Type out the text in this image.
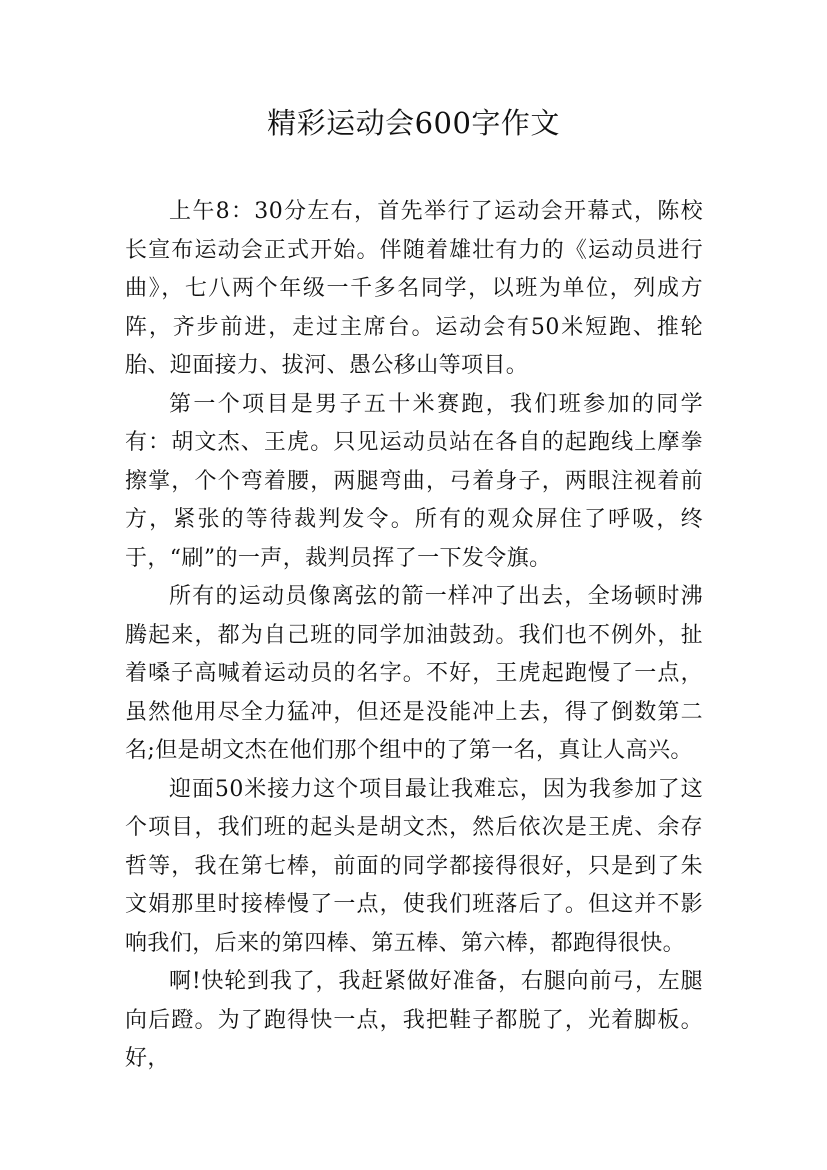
精彩运动会600字作文

上午8：30分左右，首先举行了运动会开幕式，陈校长宣布运动会正式开始。伴随着雄壮有力的《运动员进行曲》，七八两个年级一千多名同学，以班为单位，列成方阵，齐步前进，走过主席台。运动会有50米短跑、推轮胎、迎面接力、拔河、愚公移山等项目。

第一个项目是男子五十米赛跑，我们班参加的同学有：胡文杰、王虎。只见运动员站在各自的起跑线上摩拳擦掌，个个弯着腰，两腿弯曲，弓着身子，两眼注视着前方，紧张的等待裁判发令。所有的观众屏住了呼吸，终于，“刷”的一声，裁判员挥了一下发令旗。

所有的运动员像离弦的箭一样冲了出去，全场顿时沸腾起来，都为自己班的同学加油鼓劲。我们也不例外，扯着嗓子高喊着运动员的名字。不好，王虎起跑慢了一点，虽然他用尽全力猛冲，但还是没能冲上去，得了倒数第二名;但是胡文杰在他们那个组中的了第一名，真让人高兴。

迎面50米接力这个项目最让我难忘，因为我参加了这个项目，我们班的起头是胡文杰，然后依次是王虎、余存哲等，我在第七棒，前面的同学都接得很好，只是到了朱文娟那里时接棒慢了一点，使我们班落后了。但这并不影响我们，后来的第四棒、第五棒、第六棒，都跑得很快。

啊!快轮到我了，我赶紧做好准备，右腿向前弓，左腿向后蹬。为了跑得快一点，我把鞋子都脱了，光着脚板。好，
